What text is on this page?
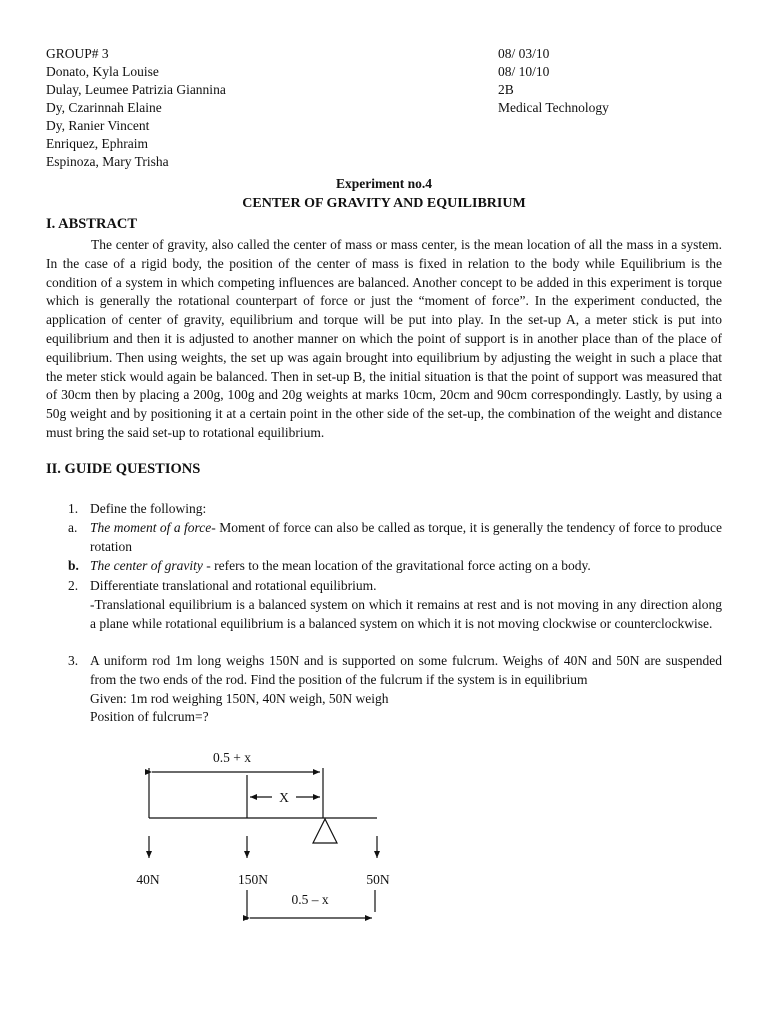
GROUP# 3	08/ 03/10
Donato, Kyla Louise	08/ 10/10
Dulay, Leumee Patrizia Giannina	2B
Dy, Czarinnah Elaine	Medical Technology
Dy, Ranier Vincent
Enriquez, Ephraim
Espinoza, Mary Trisha
Experiment no.4
CENTER OF GRAVITY AND EQUILIBRIUM
I. ABSTRACT

The center of gravity, also called the center of mass or mass center, is the mean location of all the mass in a system. In the case of a rigid body, the position of the center of mass is fixed in relation to the body while Equilibrium is the condition of a system in which competing influences are balanced. Another concept to be added in this experiment is torque which is generally the rotational counterpart of force or just the “moment of force”. In the experiment conducted, the application of center of gravity, equilibrium and torque will be put into play. In the set-up A, a meter stick is put into equilibrium and then it is adjusted to another manner on which the point of support is in another place than of the place of equilibrium. Then using weights, the set up was again brought into equilibrium by adjusting the weight in such a place that the meter stick would again be balanced. Then in set-up B, the initial situation is that the point of support was measured that of 30cm then by placing a 200g, 100g and 20g weights at marks 10cm, 20cm and 90cm correspondingly. Lastly, by using a 50g weight and by positioning it at a certain point in the other side of the set-up, the combination of the weight and distance must bring the said set-up to rotational equilibrium.

II. GUIDE QUESTIONS
1. Define the following:
a. The moment of a force- Moment of force can also be called as torque, it is generally the tendency of force to produce rotation
b. The center of gravity - refers to the mean location of the gravitational force acting on a body.
2. Differentiate translational and rotational equilibrium.
-Translational equilibrium is a balanced system on which it remains at rest and is not moving in any direction along a plane while rotational equilibrium is a balanced system on which it is not moving clockwise or counterclockwise.
3. A uniform rod 1m long weighs 150N and is supported on some fulcrum. Weighs of 40N and 50N are suspended from the two ends of the rod. Find the position of the fulcrum if the system is in equilibrium
Given: 1m rod weighing 150N, 40N weigh, 50N weigh
Position of fulcrum=?
0.5 + x
X
40N	150N	50N
0.5 – x
